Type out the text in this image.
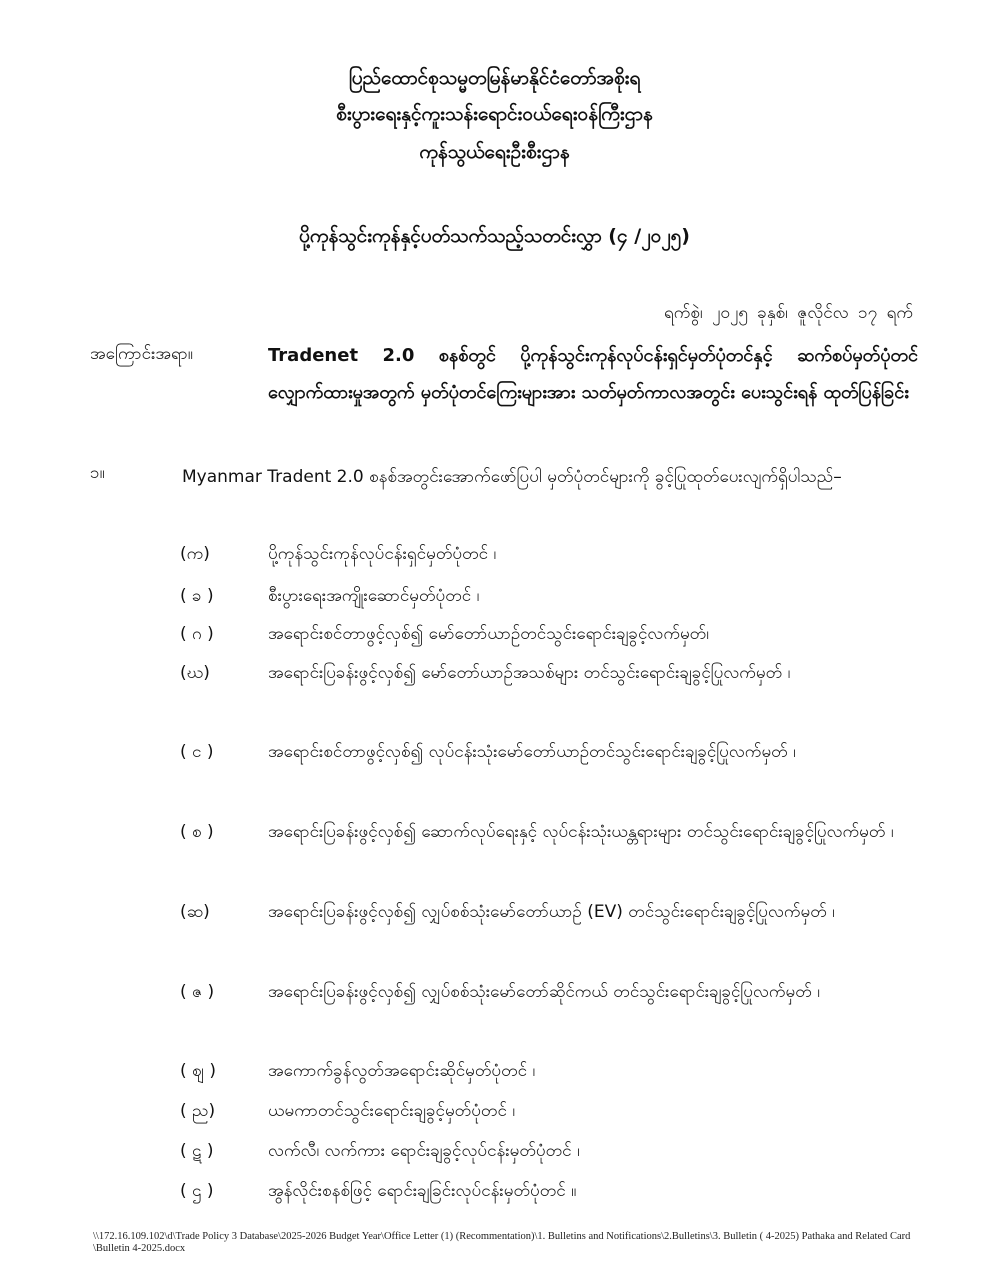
ပြည်ထောင်စုသမ္မတမြန်မာနိုင်ငံတော်အစိုးရ
စီးပွားရေးနှင့်ကူးသန်းရောင်းဝယ်ရေးဝန်ကြီးဌာန
ကုန်သွယ်ရေးဦးစီးဌာန
ပို့ကုန်သွင်းကုန်နှင့်ပတ်သက်သည့်သတင်းလွှာ (၄ /၂၀၂၅)
ရက်စွဲ၊ ၂၀၂၅ ခုနှစ်၊ ဇူလိုင်လ ၁၇ ရက်
အကြောင်းအရာ။	Tradenet 2.0 စနစ်တွင် ပို့ကုန်သွင်းကုန်လုပ်ငန်းရှင်မှတ်ပုံတင်နှင့် ဆက်စပ်မှတ်ပုံတင်လျှောက်ထားမှုအတွက် မှတ်ပုံတင်ကြေးများအား သတ်မှတ်ကာလအတွင်း ပေးသွင်းရန် ထုတ်ပြန်ခြင်း
၁။	Myanmar Tradent 2.0 စနစ်အတွင်းအောက်ဖော်ပြပါ မှတ်ပုံတင်များကို ခွင့်ပြုထုတ်ပေးလျက်ရှိပါသည်–
(က)	ပို့ကုန်သွင်းကုန်လုပ်ငန်းရှင်မှတ်ပုံတင် ၊
( ခ )	စီးပွားရေးအကျိုးဆောင်မှတ်ပုံတင် ၊
( ဂ )	အရောင်းစင်တာဖွင့်လှစ်၍ မော်တော်ယာဉ်တင်သွင်းရောင်းချခွင့်လက်မှတ်၊
(ဃ)	အရောင်းပြခန်းဖွင့်လှစ်၍ မော်တော်ယာဉ်အသစ်များ တင်သွင်းရောင်းချခွင့်ပြုလက်မှတ် ၊
( င )	အရောင်းစင်တာဖွင့်လှစ်၍ လုပ်ငန်းသုံးမော်တော်ယာဉ်တင်သွင်းရောင်းချခွင့်ပြုလက်မှတ် ၊
( စ )	အရောင်းပြခန်းဖွင့်လှစ်၍ ဆောက်လုပ်ရေးနှင့် လုပ်ငန်းသုံးယန္တရားများ တင်သွင်းရောင်းချခွင့်ပြုလက်မှတ် ၊
(ဆ)	အရောင်းပြခန်းဖွင့်လှစ်၍ လျှပ်စစ်သုံးမော်တော်ယာဉ် (EV) တင်သွင်းရောင်းချခွင့်ပြုလက်မှတ် ၊
( ဇ )	အရောင်းပြခန်းဖွင့်လှစ်၍ လျှပ်စစ်သုံးမော်တော်ဆိုင်ကယ် တင်သွင်းရောင်းချခွင့်ပြုလက်မှတ် ၊
( ဈ )	အကောက်ခွန်လွတ်အရောင်းဆိုင်မှတ်ပုံတင် ၊
( ည)	ယမကာတင်သွင်းရောင်းချခွင့်မှတ်ပုံတင် ၊
( ဋ )	လက်လီ၊ လက်ကား ရောင်းချခွင့်လုပ်ငန်းမှတ်ပုံတင် ၊
( ဌ )	အွန်လိုင်းစနစ်ဖြင့် ရောင်းချခြင်းလုပ်ငန်းမှတ်ပုံတင် ။
\\172.16.109.102\d\Trade Policy 3 Database\2025-2026 Budget Year\Office Letter (1) (Recommentation)\1. Bulletins and Notifications\2.Bulletins\3. Bulletin ( 4-2025) Pathaka and Related Card\Bulletin 4-2025.docx
